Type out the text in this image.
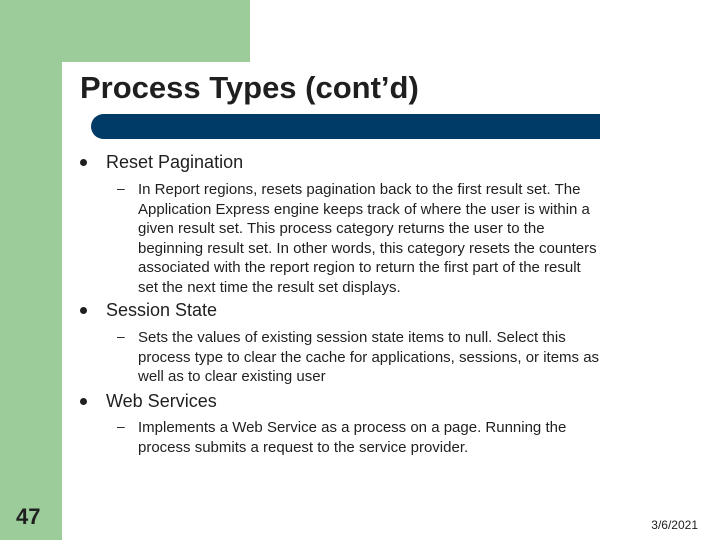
Process Types (cont’d)
Reset Pagination
– In Report regions, resets pagination back to the first result set. The
Application Express engine keeps track of where the user is within a
given result set. This process category returns the user to the
beginning result set. In other words, this category resets the counters
associated with the report region to return the first part of the result
set the next time the result set displays.
Session State
– Sets the values of existing session state items to null. Select this
process type to clear the cache for applications, sessions, or items as
well as to clear existing user
Web Services
– Implements a Web Service as a process on a page. Running the
process submits a request to the service provider.
47	3/6/2021
